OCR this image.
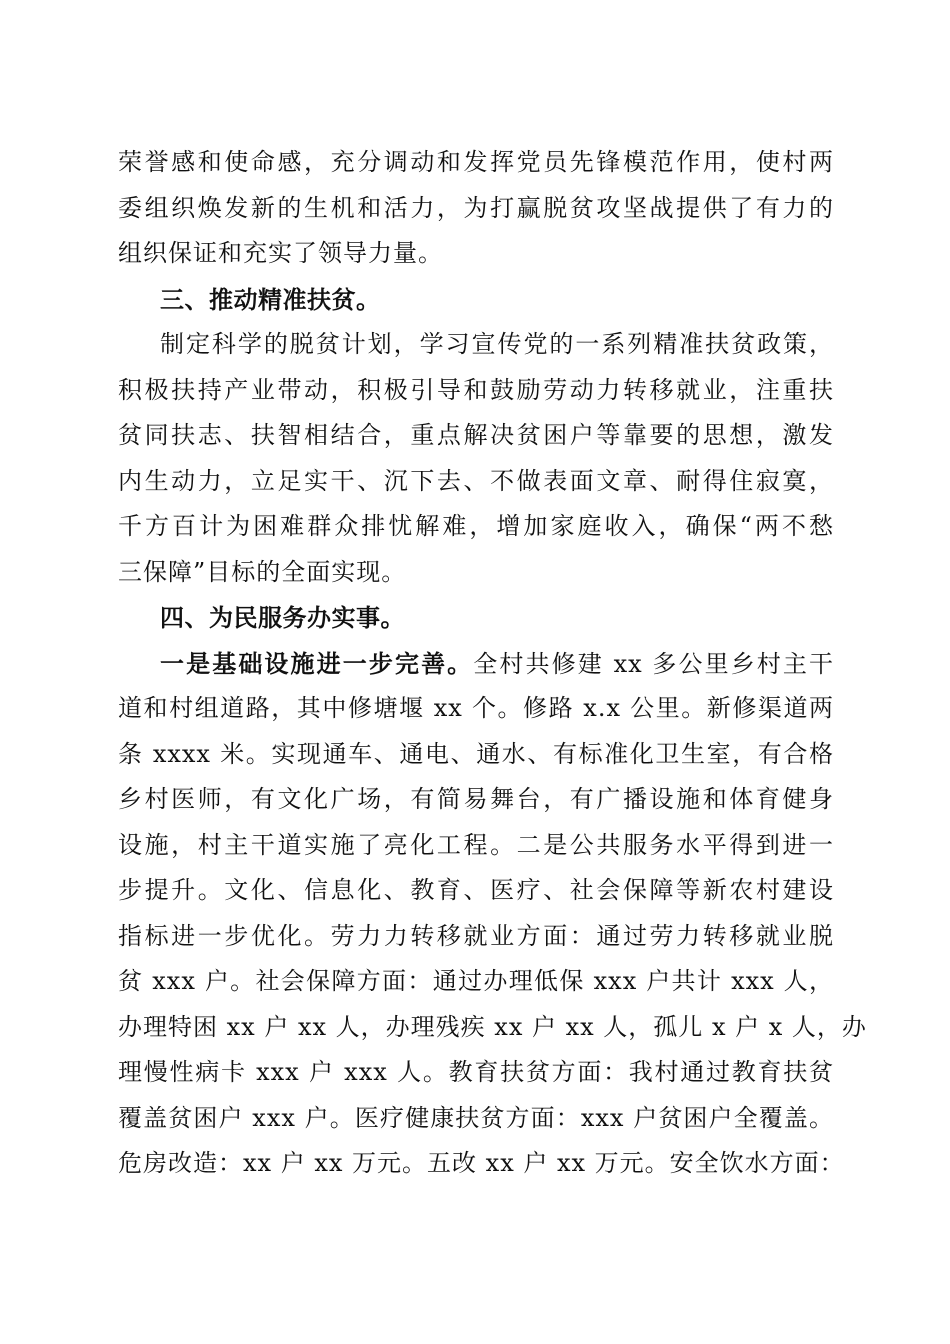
荣誉感和使命感，充分调动和发挥党员先锋模范作用，使村两
委组织焕发新的生机和活力，为打赢脱贫攻坚战提供了有力的
组织保证和充实了领导力量。
三、推动精准扶贫。
制定科学的脱贫计划，学习宣传党的一系列精准扶贫政策，
积极扶持产业带动，积极引导和鼓励劳动力转移就业，注重扶
贫同扶志、扶智相结合，重点解决贫困户等靠要的思想，激发
内生动力，立足实干、沉下去、不做表面文章、耐得住寂寞，
千方百计为困难群众排忧解难，增加家庭收入，确保“两不愁
三保障”目标的全面实现。
四、为民服务办实事。
一是基础设施进一步完善。全村共修建 xx 多公里乡村主干
道和村组道路，其中修塘堰 xx 个。修路 x.x 公里。新修渠道两
条 xxxx 米。实现通车、通电、通水、有标准化卫生室，有合格
乡村医师，有文化广场，有简易舞台，有广播设施和体育健身
设施，村主干道实施了亮化工程。二是公共服务水平得到进一
步提升。文化、信息化、教育、医疗、社会保障等新农村建设
指标进一步优化。劳力力转移就业方面：通过劳力转移就业脱
贫 xxx 户。社会保障方面：通过办理低保 xxx 户共计 xxx 人，
办理特困 xx 户 xx 人，办理残疾 xx 户 xx 人，孤儿 x 户 x 人，办
理慢性病卡 xxx 户 xxx 人。教育扶贫方面：我村通过教育扶贫
覆盖贫困户 xxx 户。医疗健康扶贫方面：xxx 户贫困户全覆盖。
危房改造：xx 户 xx 万元。五改 xx 户 xx 万元。安全饮水方面：
